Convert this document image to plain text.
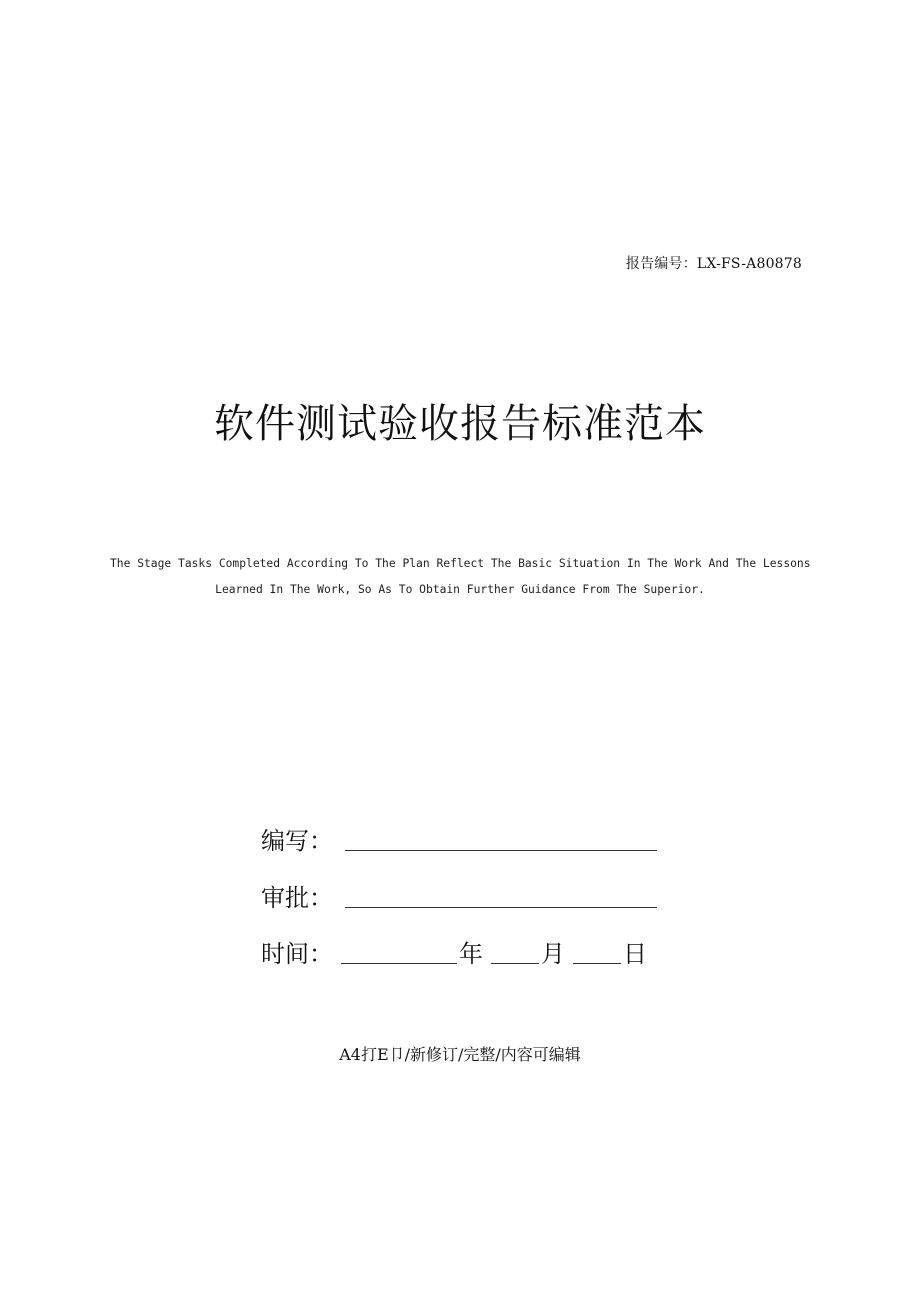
报告编号：LX-FS-A80878
软件测试验收报告标准范本
The Stage Tasks Completed According To The Plan Reflect The Basic Situation In The Work And The Lessons
Learned In The Work, So As To Obtain Further Guidance From The Superior.
编写：
审批：
时间：	年 月 日
A4打E卩/新修订/完整/内容可编辑
